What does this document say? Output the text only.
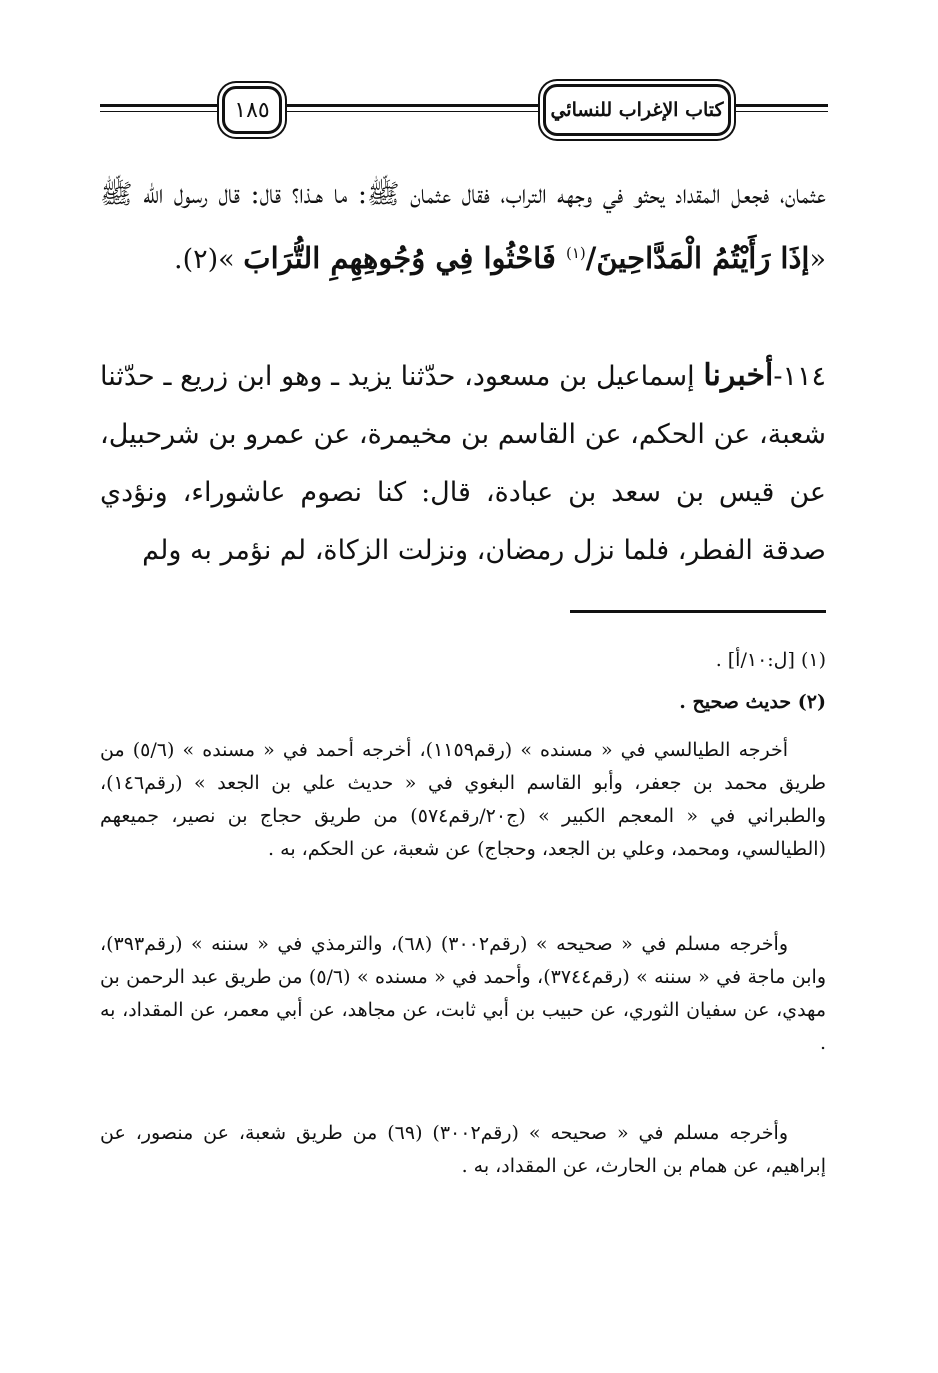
١٨٥	كتاب الإغراب للنسائي

عثمان، فجعل المقداد يحثو في وجهه التراب، فقال عثمان ﷺ: ما هـذا؟ قال: قال رسول الله ﷺ «إذَا رَأَيْتُمُ الْمَدَّاحِينَ/$^{(١)}$ فَاحْثُوا فِي وُجُوهِهِمِ التُّرَابَ »(٢).

١١٤-أخبرنا إسماعيل بن مسعود، حدّثنا يزيد ـ وهو ابن زريع ـ حدّثنا شعبة، عن الحكم، عن القاسم بن مخيمرة، عن عمرو بن شرحبيل، عن قيس بن سعد بن عبادة، قال: كنا نصوم عاشوراء، ونؤدي صدقة الفطر، فلما نزل رمضان، ونزلت الزكاة، لم نؤمر به ولم

(١) [ل:١٠/أ] .

(٢) حديث صحيح .

أخرجه الطيالسي في « مسنده » (رقم١١٥٩)، أخرجه أحمد في « مسنده » (٥/٦) من طريق محمد بن جعفر، وأبو القاسم البغوي في « حديث علي بن الجعد » (رقم١٤٦)، والطبراني في « المعجم الكبير » (ج٢٠/رقم٥٧٤) من طريق حجاج بن نصير، جميعهم (الطيالسي، ومحمد، وعلي بن الجعد، وحجاج) عن شعبة، عن الحكم، به .

وأخرجه مسلم في « صحيحه » (رقم٣٠٠٢) (٦٨)، والترمذي في « سننه » (رقم٣٩٣)، وابن ماجة في « سننه » (رقم٣٧٤٤)، وأحمد في « مسنده » (٥/٦) من طريق عبد الرحمن بن مهدي، عن سفيان الثوري، عن حبيب بن أبي ثابت، عن مجاهد، عن أبي معمر، عن المقداد، به .

وأخرجه مسلم في « صحيحه » (رقم٣٠٠٢) (٦٩) من طريق شعبة، عن منصور، عن إبراهيم، عن همام بن الحارث، عن المقداد، به .
